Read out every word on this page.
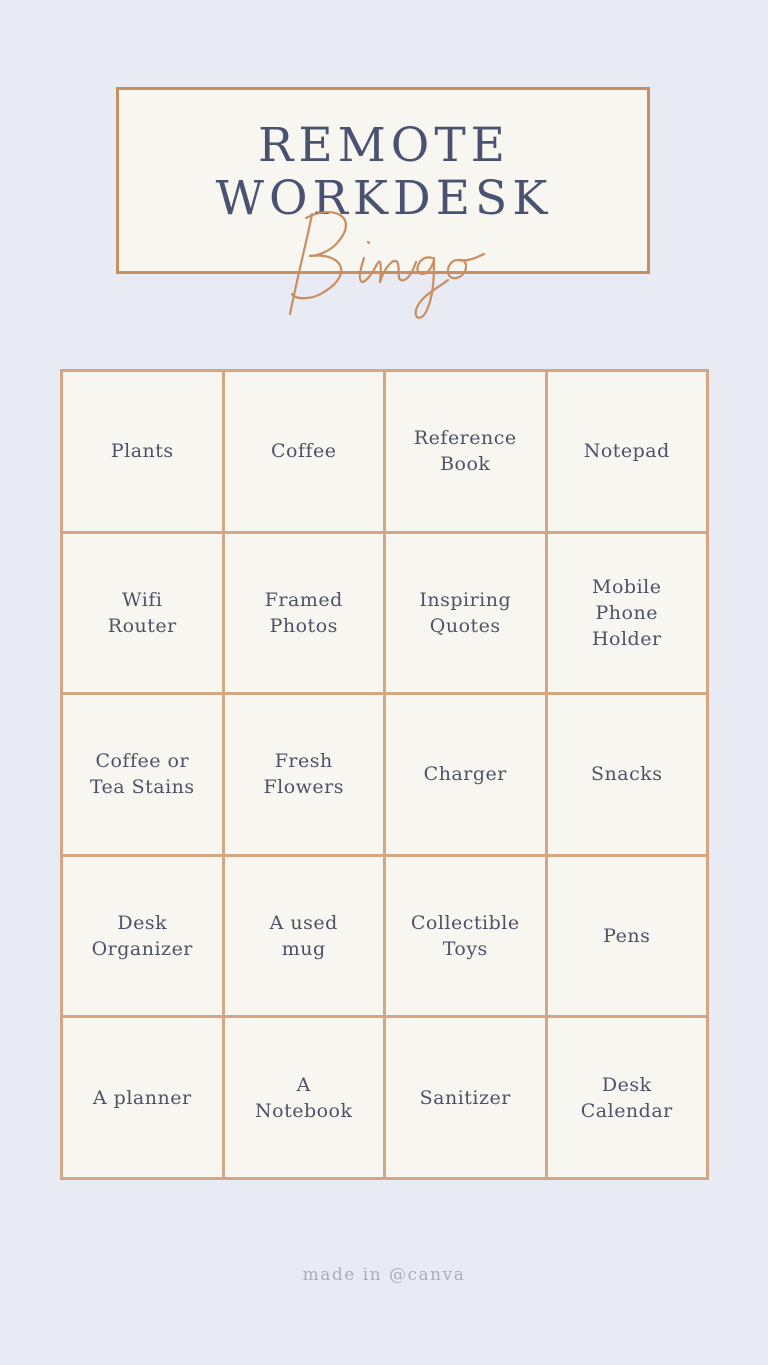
REMOTE
WORKDESK
Plants	Coffee
Reference Book
Notepad
Wifi Router
Framed Photos
Inspiring Quotes
Mobile Phone Holder
Coffee or Tea Stains
Fresh Flowers
Charger	Snacks
Desk Organizer
A used mug
Collectible Toys
Pens
A planner
A Notebook
Sanitizer
Desk Calendar
made in @canva
